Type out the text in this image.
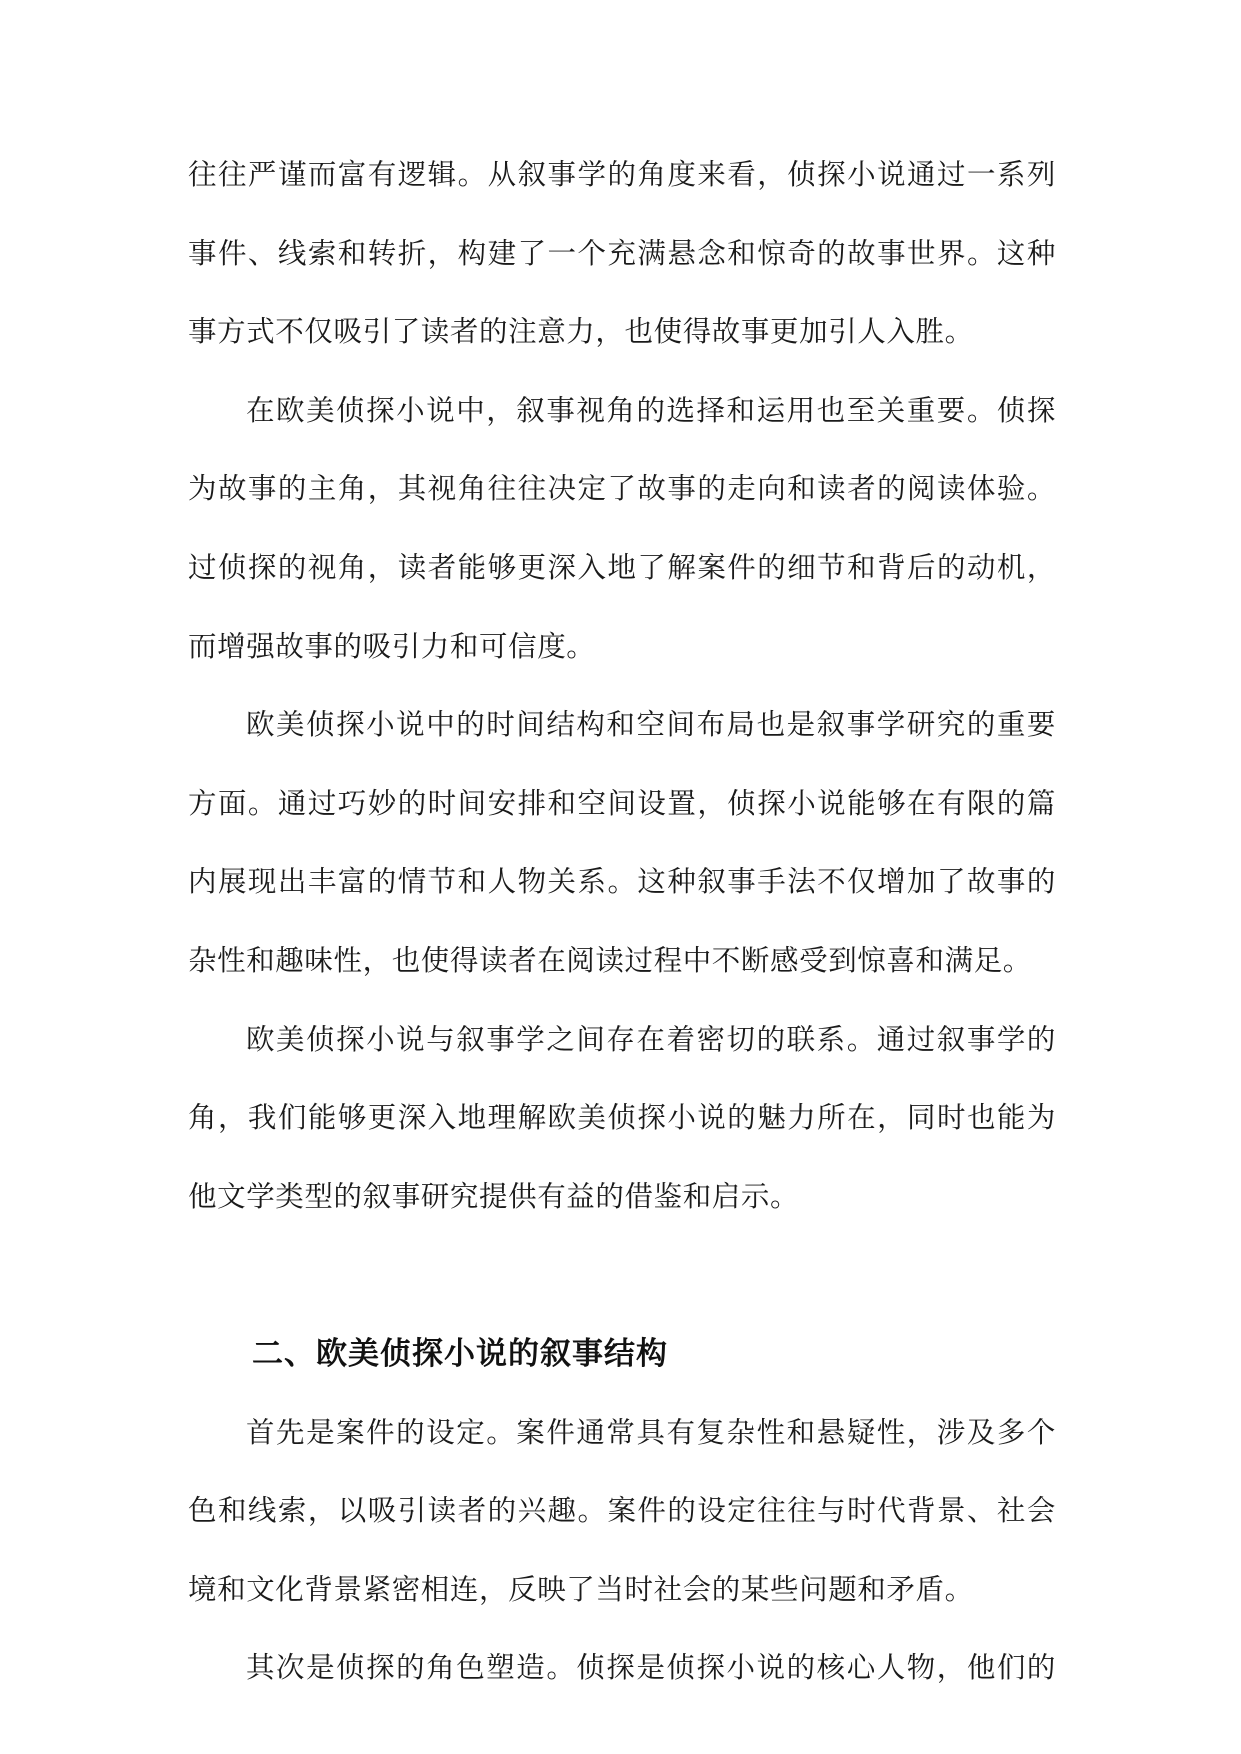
往往严谨而富有逻辑。从叙事学的角度来看，侦探小说通过一系列
事件、线索和转折，构建了一个充满悬念和惊奇的故事世界。这种
事方式不仅吸引了读者的注意力，也使得故事更加引人入胜。
在欧美侦探小说中，叙事视角的选择和运用也至关重要。侦探
为故事的主角，其视角往往决定了故事的走向和读者的阅读体验。
过侦探的视角，读者能够更深入地了解案件的细节和背后的动机，
而增强故事的吸引力和可信度。
欧美侦探小说中的时间结构和空间布局也是叙事学研究的重要
方面。通过巧妙的时间安排和空间设置，侦探小说能够在有限的篇
内展现出丰富的情节和人物关系。这种叙事手法不仅增加了故事的
杂性和趣味性，也使得读者在阅读过程中不断感受到惊喜和满足。
欧美侦探小说与叙事学之间存在着密切的联系。通过叙事学的
角，我们能够更深入地理解欧美侦探小说的魅力所在，同时也能为
他文学类型的叙事研究提供有益的借鉴和启示。
二、欧美侦探小说的叙事结构
首先是案件的设定。案件通常具有复杂性和悬疑性，涉及多个
色和线索，以吸引读者的兴趣。案件的设定往往与时代背景、社会
境和文化背景紧密相连，反映了当时社会的某些问题和矛盾。
其次是侦探的角色塑造。侦探是侦探小说的核心人物，他们的
